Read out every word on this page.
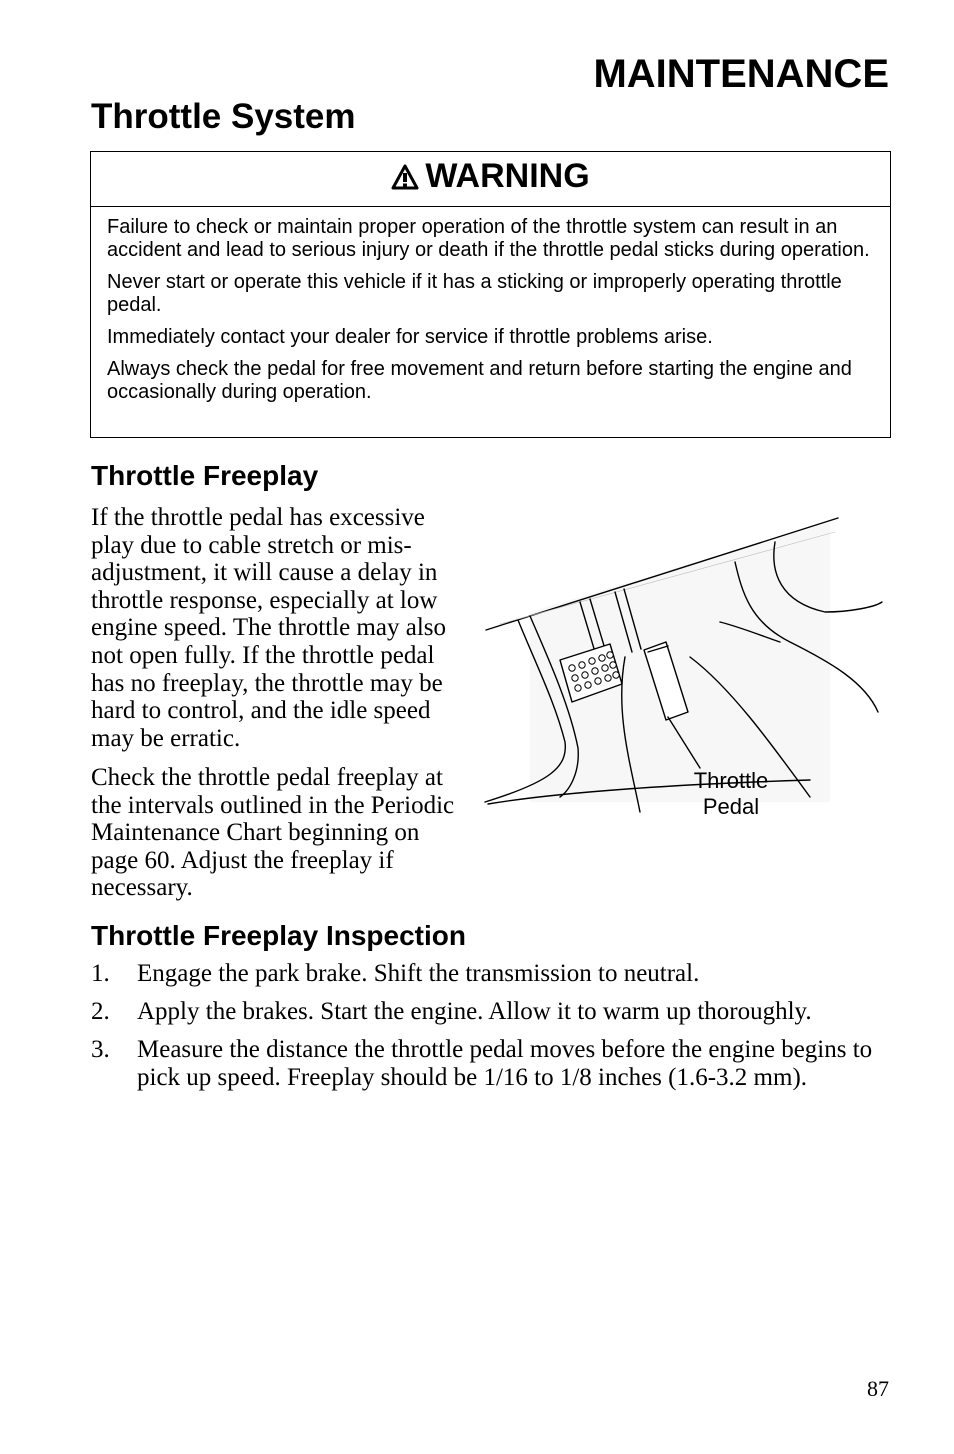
MAINTENANCE
Throttle System
WARNING

Failure to check or maintain proper operation of the throttle system can result in an accident and lead to serious injury or death if the throttle pedal sticks during operation.

Never start or operate this vehicle if it has a sticking or improperly operating throttle pedal.

Immediately contact your dealer for service if throttle problems arise.

Always check the pedal for free movement and return before starting the engine and occasionally during operation.

Throttle Freeplay

If the throttle pedal has excessive play due to cable stretch or mis-adjustment, it will cause a delay in throttle response, especially at low engine speed. The throttle may also not open fully. If the throttle pedal has no freeplay, the throttle may be hard to control, and the idle speed may be erratic.

Check the throttle pedal freeplay at the intervals outlined in the Periodic Maintenance Chart beginning on page 60. Adjust the freeplay if necessary.

Throttle
Pedal
Throttle Freeplay Inspection
1. Engage the park brake. Shift the transmission to neutral.
2. Apply the brakes. Start the engine. Allow it to warm up thoroughly.
3. Measure the distance the throttle pedal moves before the engine begins to pick up speed. Freeplay should be 1/16 to 1/8 inches (1.6-3.2 mm).
87
